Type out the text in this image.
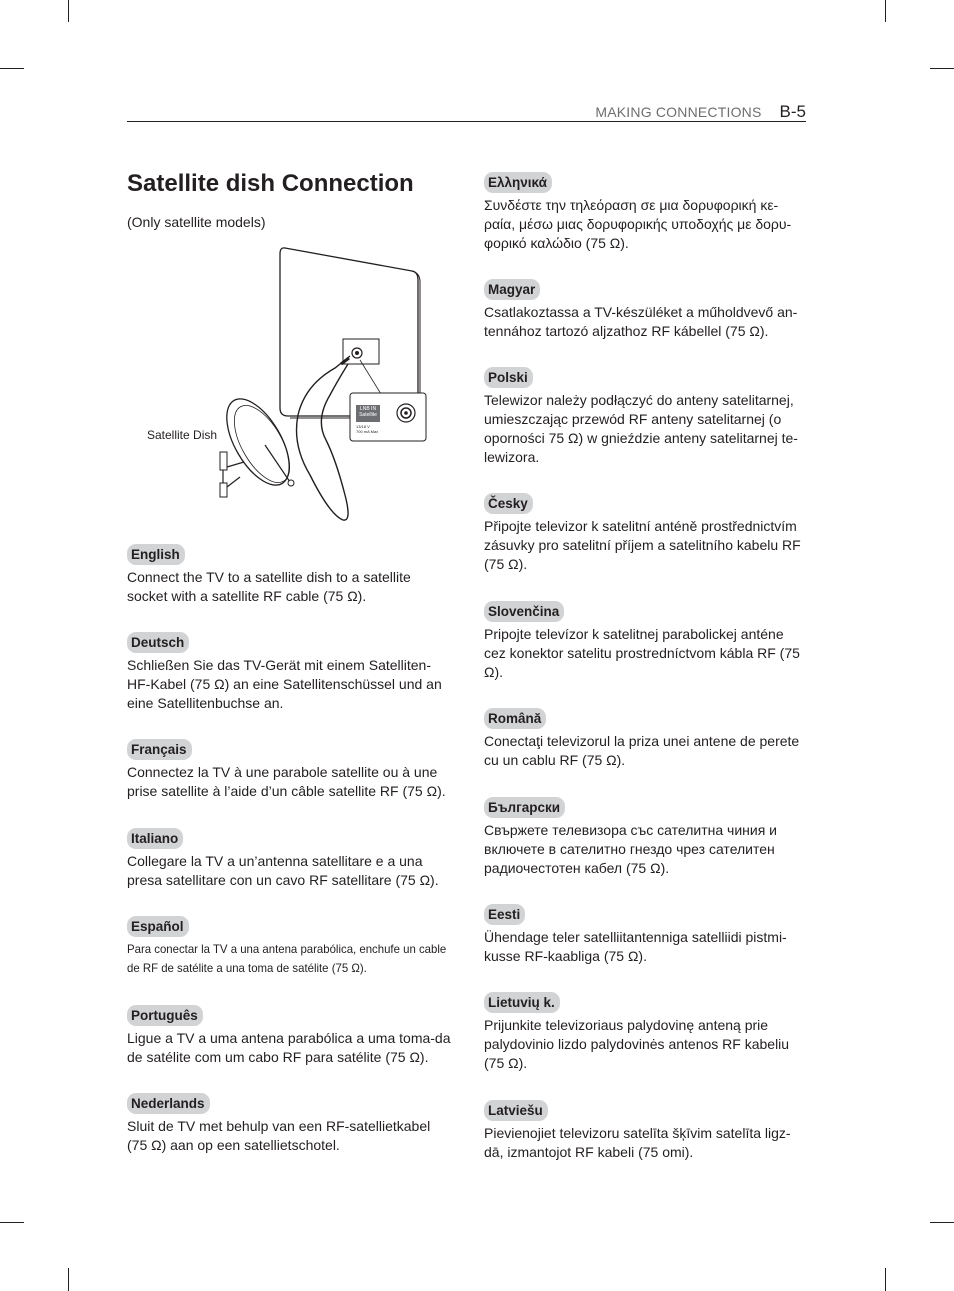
MAKING CONNECTIONS B-5
Satellite dish Connection
(Only satellite models)
Satellite Dish
LNB IN
Satellite
13/18 V
700 mA Max
English

Connect the TV to a satellite dish to a satellite socket with a satellite RF cable (75 Ω).

Deutsch

Schließen Sie das TV-Gerät mit einem Satelliten-HF-Kabel (75 Ω) an eine Satellitenschüssel und an eine Satellitenbuchse an.

Français

Connectez la TV à une parabole satellite ou à une prise satellite à l’aide d’un câble satellite RF (75 Ω).

Italiano

Collegare la TV a un’antenna satellitare e a una presa satellitare con un cavo RF satellitare (75 Ω).

Español

Para conectar la TV a una antena parabólica, enchufe un cable de RF de satélite a una toma de satélite (75 Ω).

Português

Ligue a TV a uma antena parabólica a uma toma-da de satélite com um cabo RF para satélite (75 Ω).

Nederlands

Sluit de TV met behulp van een RF-satellietkabel (75 Ω) aan op een satellietschotel.

Ελληνικά

Συνδέστε την τηλεόραση σε μια δορυφορική κε-ραία, μέσω μιας δορυφορικής υποδοχής με δορυ-φορικό καλώδιο (75 Ω).

Magyar

Csatlakoztassa a TV-készüléket a műholdvevő an-tennához tartozó aljzathoz RF kábellel (75 Ω).

Polski

Telewizor należy podłączyć do anteny satelitarnej, umieszczając przewód RF anteny satelitarnej (o oporności 75 Ω) w gnieździe anteny satelitarnej te-lewizora.

Česky

Připojte televizor k satelitní anténě prostřednictvím zásuvky pro satelitní příjem a satelitního kabelu RF (75 Ω).

Slovenčina

Pripojte televízor k satelitnej parabolickej anténe cez konektor satelitu prostredníctvom kábla RF (75 Ω).

Română

Conectaţi televizorul la priza unei antene de perete cu un cablu RF (75 Ω).

Български

Свържете телевизора със сателитна чиния и включете в сателитно гнездо чрез сателитен радиочестотен кабел (75 Ω).

Eesti

Ühendage teler satelliitantenniga satelliidi pistmi-kusse RF-kaabliga (75 Ω).

Lietuvių k.

Prijunkite televizoriaus palydovinę anteną prie palydovinio lizdo palydovinės antenos RF kabeliu (75 Ω).

Latviešu

Pievienojiet televizoru satelīta šķīvim satelīta ligz-dā, izmantojot RF kabeli (75 omi).
